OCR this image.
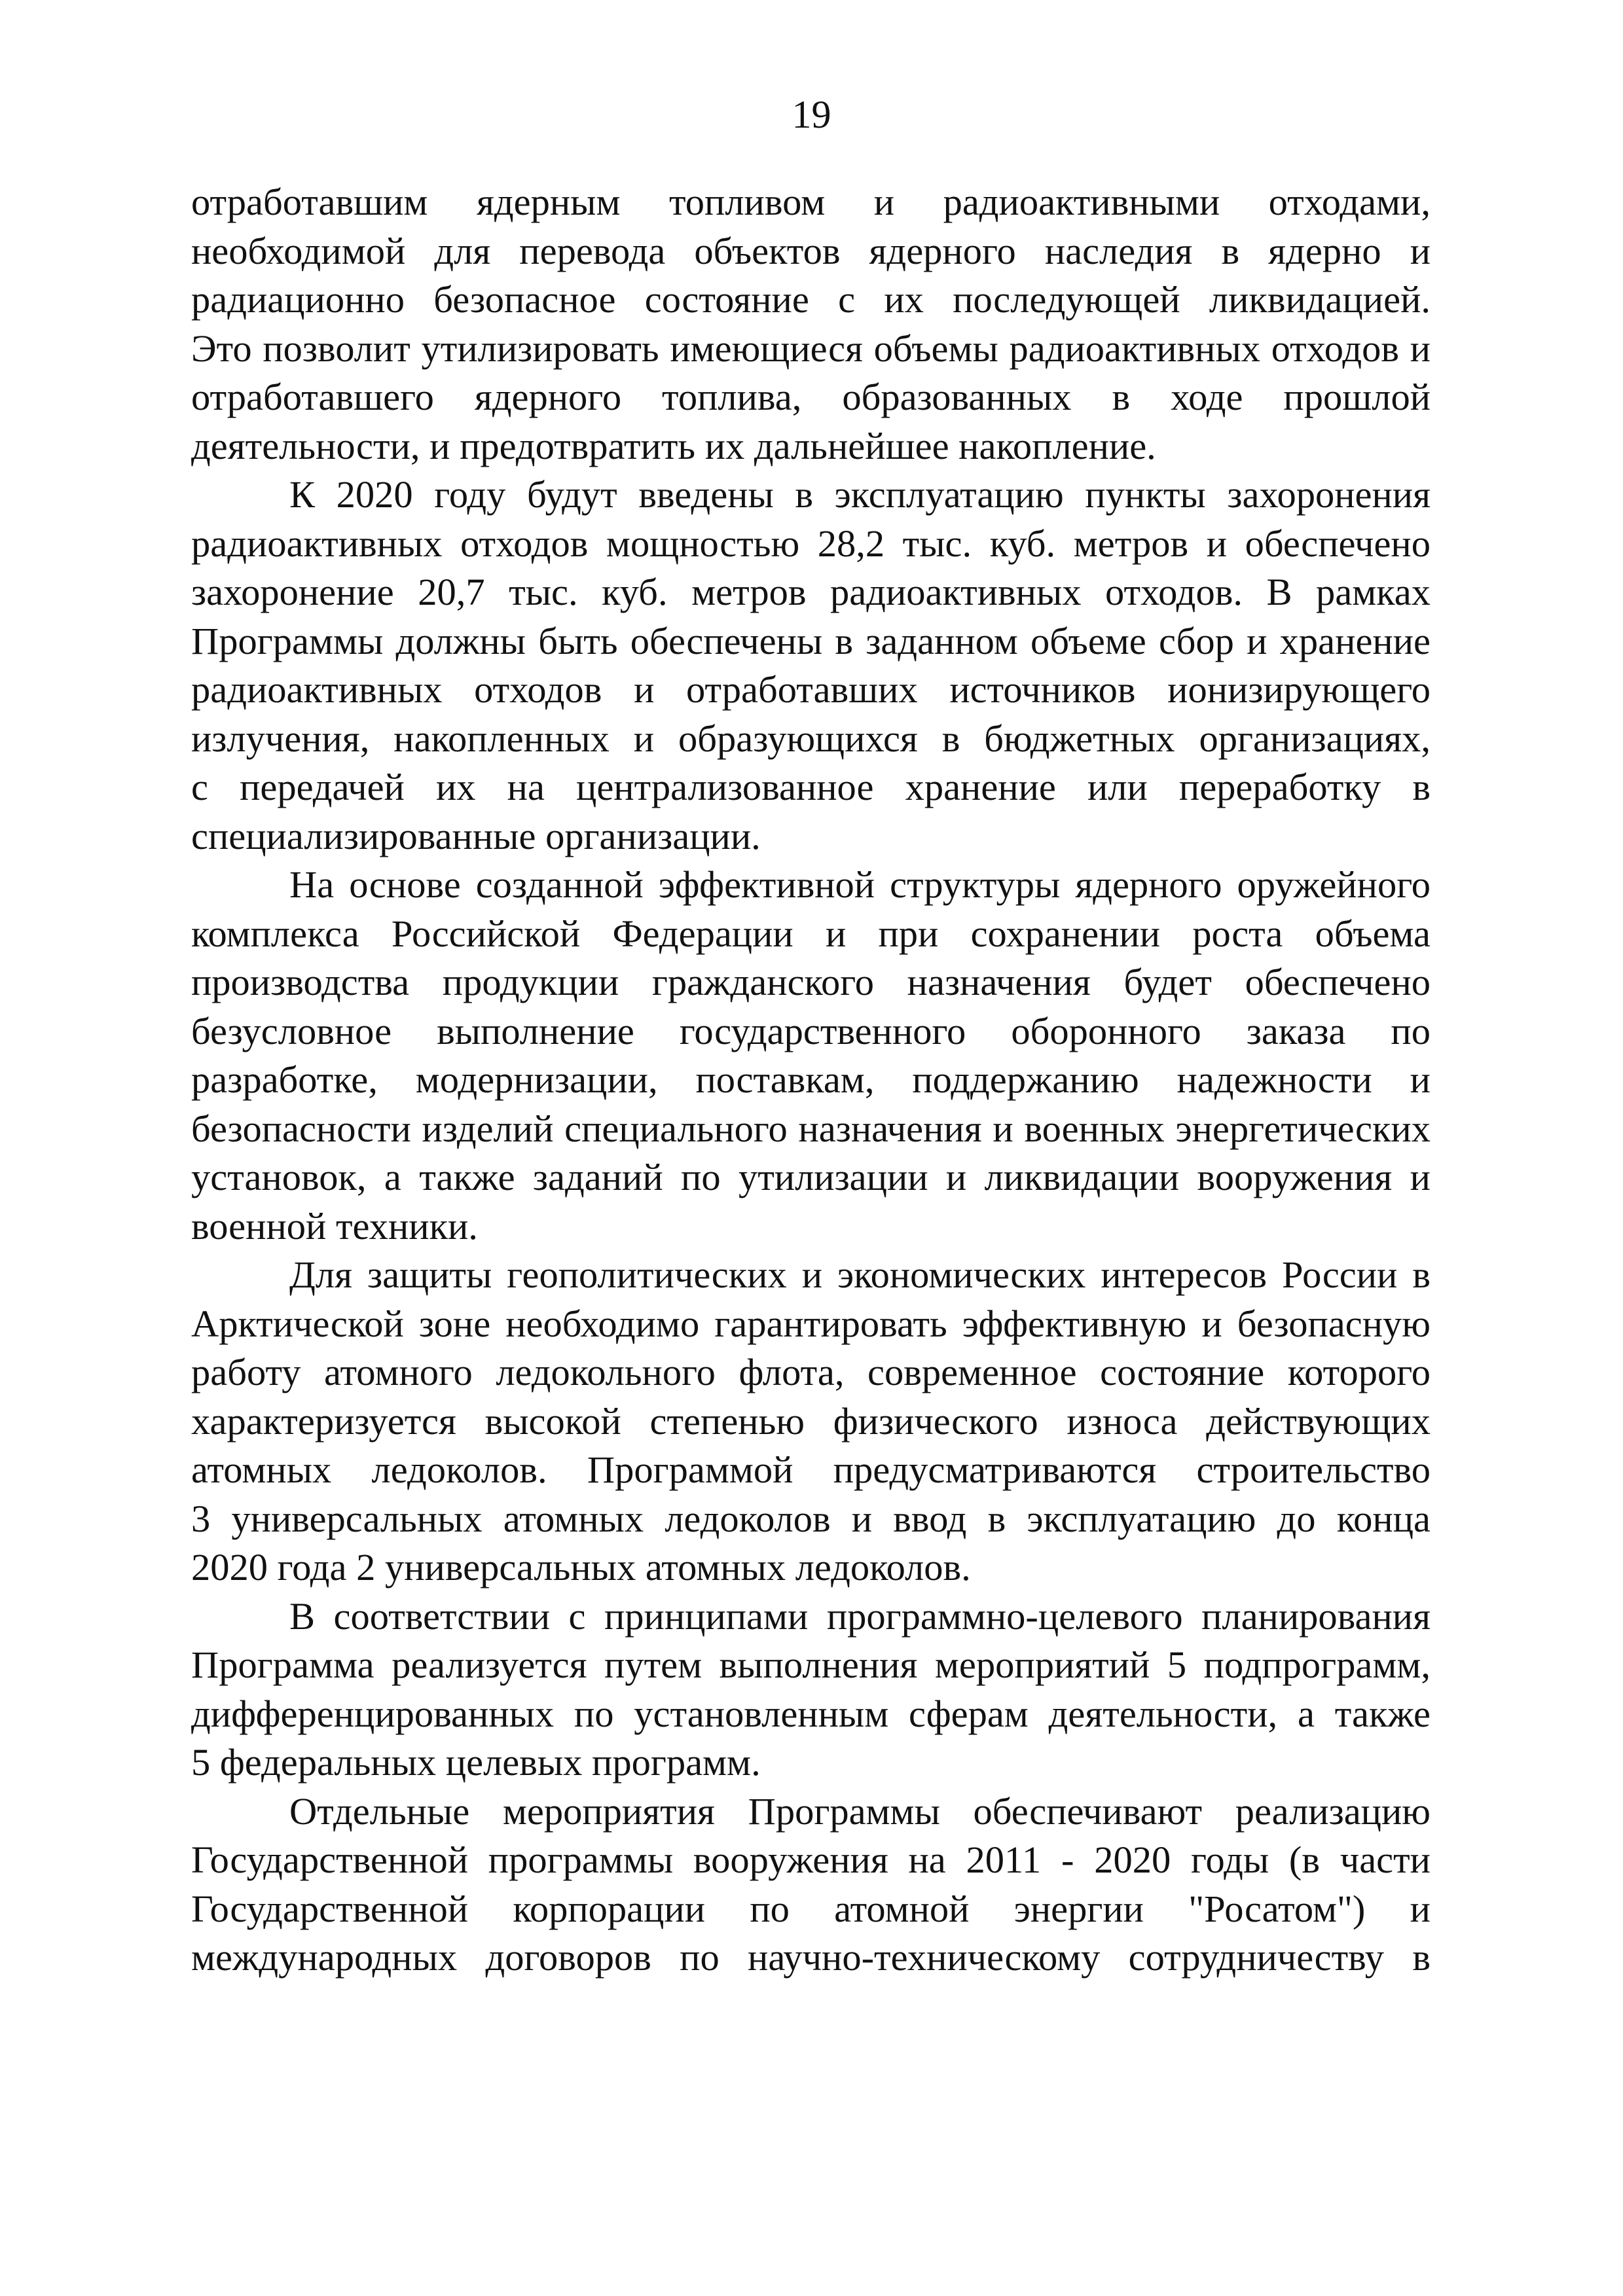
19
отработавшим ядерным топливом и радиоактивными отходами,
необходимой для перевода объектов ядерного наследия в ядерно и
радиационно безопасное состояние с их последующей ликвидацией.
Это позволит утилизировать имеющиеся объемы радиоактивных отходов и
отработавшего ядерного топлива, образованных в ходе прошлой
деятельности, и предотвратить их дальнейшее накопление.
К 2020 году будут введены в эксплуатацию пункты захоронения
радиоактивных отходов мощностью 28,2 тыс. куб. метров и обеспечено
захоронение 20,7 тыс. куб. метров радиоактивных отходов. В рамках
Программы должны быть обеспечены в заданном объеме сбор и хранение
радиоактивных отходов и отработавших источников ионизирующего
излучения, накопленных и образующихся в бюджетных организациях,
с передачей их на централизованное хранение или переработку в
специализированные организации.
На основе созданной эффективной структуры ядерного оружейного
комплекса Российской Федерации и при сохранении роста объема
производства продукции гражданского назначения будет обеспечено
безусловное выполнение государственного оборонного заказа по
разработке, модернизации, поставкам, поддержанию надежности и
безопасности изделий специального назначения и военных энергетических
установок, а также заданий по утилизации и ликвидации вооружения и
военной техники.
Для защиты геополитических и экономических интересов России в
Арктической зоне необходимо гарантировать эффективную и безопасную
работу атомного ледокольного флота, современное состояние которого
характеризуется высокой степенью физического износа действующих
атомных ледоколов. Программой предусматриваются строительство
3 универсальных атомных ледоколов и ввод в эксплуатацию до конца
2020 года 2 универсальных атомных ледоколов.
В соответствии с принципами программно-целевого планирования
Программа реализуется путем выполнения мероприятий 5 подпрограмм,
дифференцированных по установленным сферам деятельности, а также
5 федеральных целевых программ.
Отдельные мероприятия Программы обеспечивают реализацию
Государственной программы вооружения на 2011 - 2020 годы (в части
Государственной корпорации по атомной энергии "Росатом") и
международных договоров по научно-техническому сотрудничеству в
